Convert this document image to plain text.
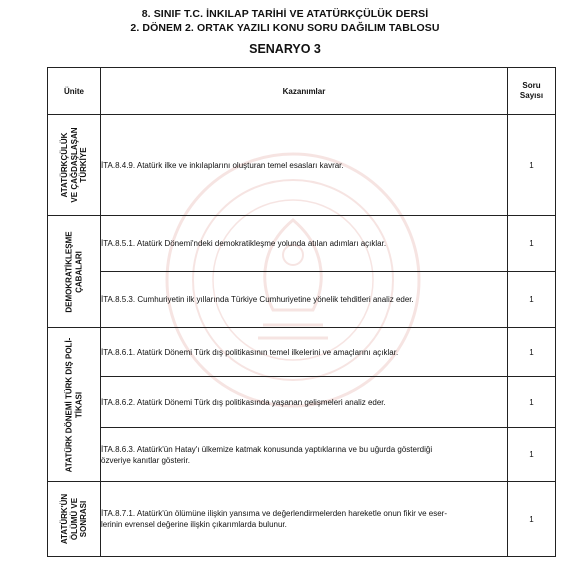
8. SINIF T.C. İNKILAP TARİHİ VE ATATÜRKÇÜLÜK DERSİ
2. DÖNEM 2. ORTAK YAZILI KONU SORU DAĞILIM TABLOSU
SENARYO 3
Ünite	Kazanımlar	Soru
Sayısı

ATATÜRKÇÜLÜK
VE ÇAĞDAŞLAŞAN
TÜRKİYE	İTA.8.4.9. Atatürk ilke ve inkılaplarını oluşturan temel esasları kavrar.	1

DEMOKRATİKLEŞME
ÇABALARI	İTA.8.5.1. Atatürk Dönemi'ndeki demokratikleşme yolunda atılan adımları açıklar.	1
	İTA.8.5.3. Cumhuriyetin ilk yıllarında Türkiye Cumhuriyetine yönelik tehditleri analiz eder.	1

ATATÜRK DÖNEMİ TÜRK DIŞ POLİ-
TİKASI	İTA.8.6.1. Atatürk Dönemi Türk dış politikasının temel ilkelerini ve amaçlarını açıklar.	1
	İTA.8.6.2. Atatürk Dönemi Türk dış politikasında yaşanan gelişmeleri analiz eder.	1
	İTA.8.6.3. Atatürk'ün Hatay'ı ülkemize katmak konusunda yaptıklarına ve bu uğurda gösterdiği
özveriye kanıtlar gösterir.	1

ATATÜRK'ÜN
ÖLÜMÜ VE
SONRASI	İTA.8.7.1. Atatürk'ün ölümüne ilişkin yansıma ve değerlendirmelerden hareketle onun fikir ve eser-
lerinin evrensel değerine ilişkin çıkarımlarda bulunur.	1
